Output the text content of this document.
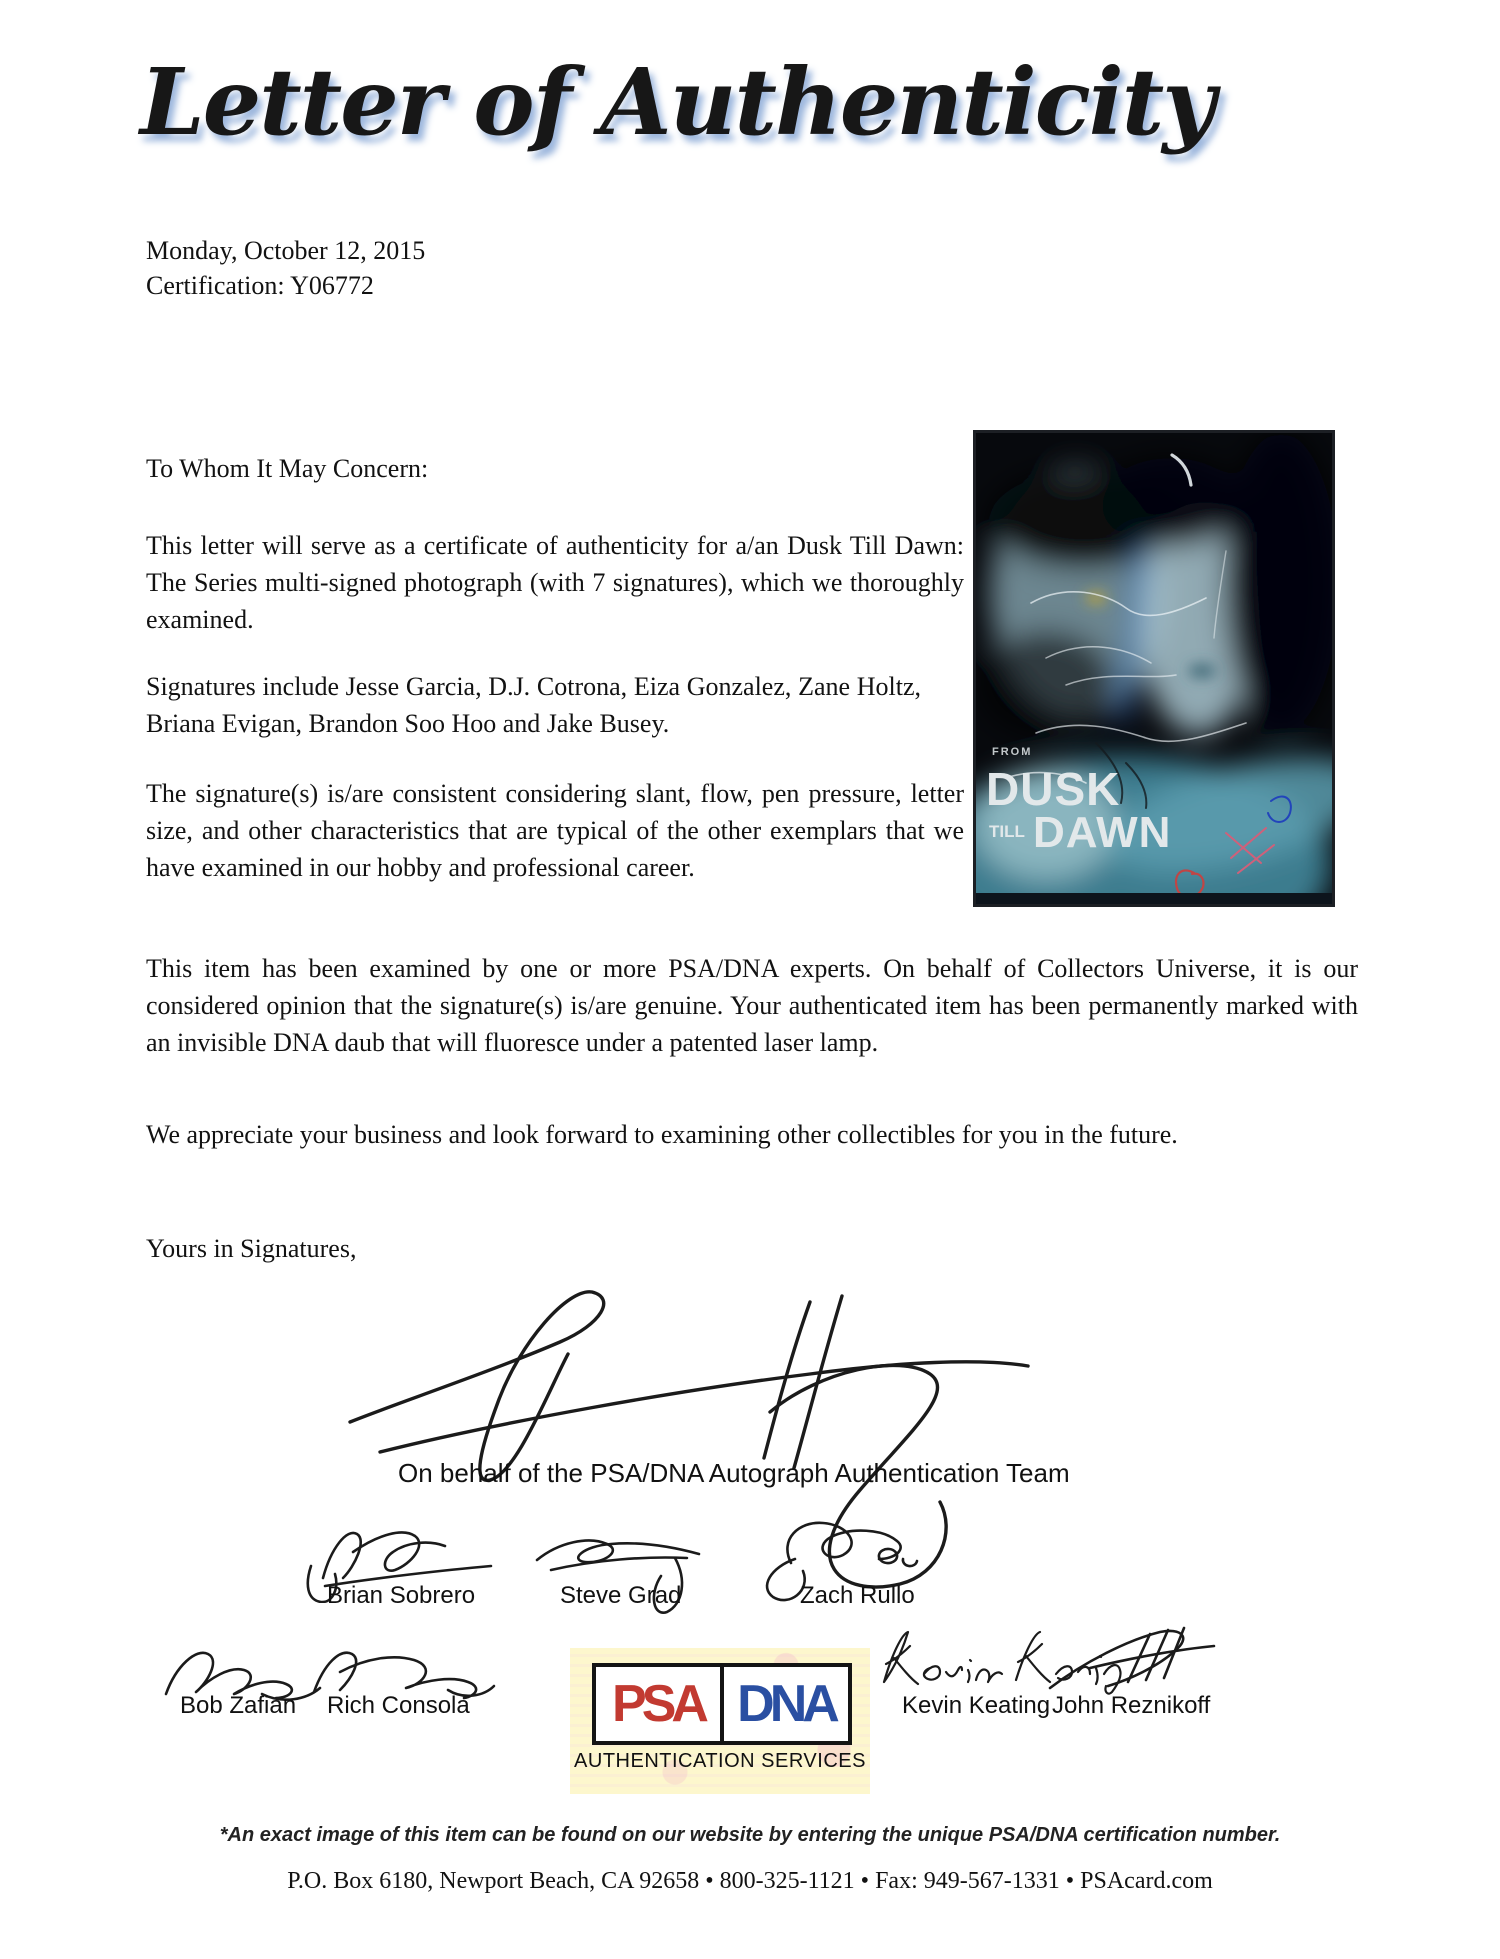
Letter of Authenticity
Monday, October 12, 2015
Certification: Y06772
To Whom It May Concern:
This letter will serve as a certificate of authenticity for a/an Dusk Till Dawn: The Series multi-signed photograph (with 7 signatures), which we thoroughly examined.
Signatures include Jesse Garcia, D.J. Cotrona, Eiza Gonzalez, Zane Holtz, Briana Evigan, Brandon Soo Hoo and Jake Busey.
The signature(s) is/are consistent considering slant, flow, pen pressure, letter size, and other characteristics that are typical of the other exemplars that we have examined in our hobby and professional career.
This item has been examined by one or more PSA/DNA experts. On behalf of Collectors Universe, it is our considered opinion that the signature(s) is/are genuine. Your authenticated item has been permanently marked with an invisible DNA daub that will fluoresce under a patented laser lamp.
We appreciate your business and look forward to examining other collectibles for you in the future.
Yours in Signatures,
FROM
DUSK
TILL DAWN
On behalf of the PSA/DNA Autograph Authentication Team
Brian Sobrero	Steve Grad	Zach Rullo
Bob Zafian Rich Consola	PSA DNA
AUTHENTICATION SERVICES
Kevin Keating John Reznikoff
*An exact image of this item can be found on our website by entering the unique PSA/DNA certification number.
P.O. Box 6180, Newport Beach, CA 92658 • 800-325-1121 • Fax: 949-567-1331 • PSAcard.com
